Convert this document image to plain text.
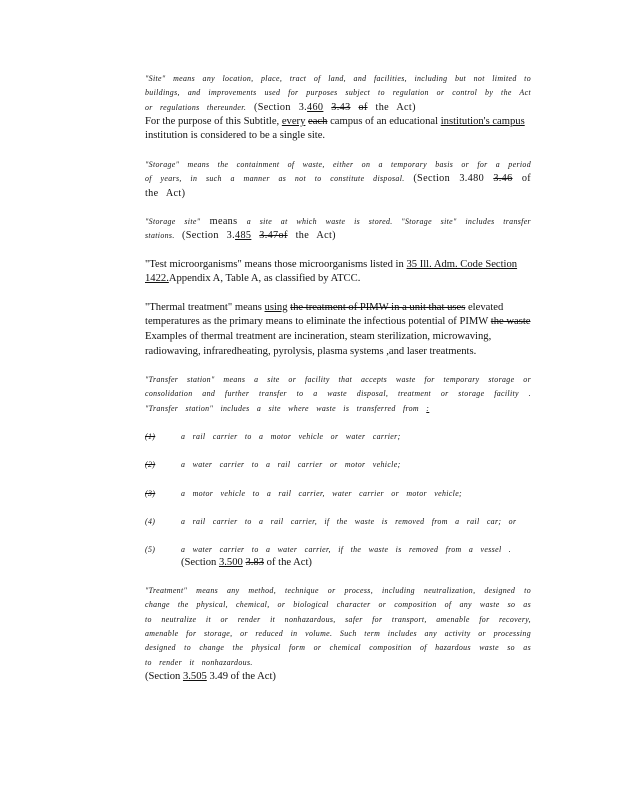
"Site" means any location, place, tract of land, and facilities, including but not limited to buildings, and improvements used for purposes subject to regulation or control by the Act or regulations thereunder. (Section 3.460 3.43 of the Act)

For the purpose of this Subtitle, every each campus of an educational institution's campus institution is considered to be a single site.

"Storage" means the containment of waste, either on a temporary basis or for a period of years, in such a manner as not to constitute disposal. (Section 3.480 3.46 of the Act)

"Storage site" means a site at which waste is stored. "Storage site" includes transfer stations. (Section 3.485 3.47of the Act)

"Test microorganisms" means those microorganisms listed in 35 Ill. Adm. Code Section 1422.Appendix A, Table A, as classified by ATCC.

"Thermal treatment" means using the treatment of PIMW in a unit that uses elevated temperatures as the primary means to eliminate the infectious potential of PIMW the waste Examples of thermal treatment are incineration, steam sterilization, microwaving, radiowaving, infraredheating, pyrolysis, plasma systems ,and laser treatments.

"Transfer station" means a site or facility that accepts waste for temporary storage or consolidation and further transfer to a waste disposal, treatment or storage facility . "Transfer station" includes a site where waste is transferred from :

(1)	a rail carrier to a motor vehicle or water carrier;
(2)	a water carrier to a rail carrier or motor vehicle;
(3)	a motor vehicle to a rail carrier, water carrier or motor vehicle;
(4)	a rail carrier to a rail carrier, if the waste is removed from a rail car; or
(5)	a water carrier to a water carrier, if the waste is removed from a vessel .
(Section 3.500 3.83 of the Act)

"Treatment" means any method, technique or process, including neutralization, designed to change the physical, chemical, or biological character or composition of any waste so as to neutralize it or render it nonhazardous, safer for transport, amenable for recovery, amenable for storage, or reduced in volume. Such term includes any activity or processing designed to change the physical form or chemical composition of hazardous waste so as to render it nonhazardous.

(Section 3.505 3.49 of the Act)
